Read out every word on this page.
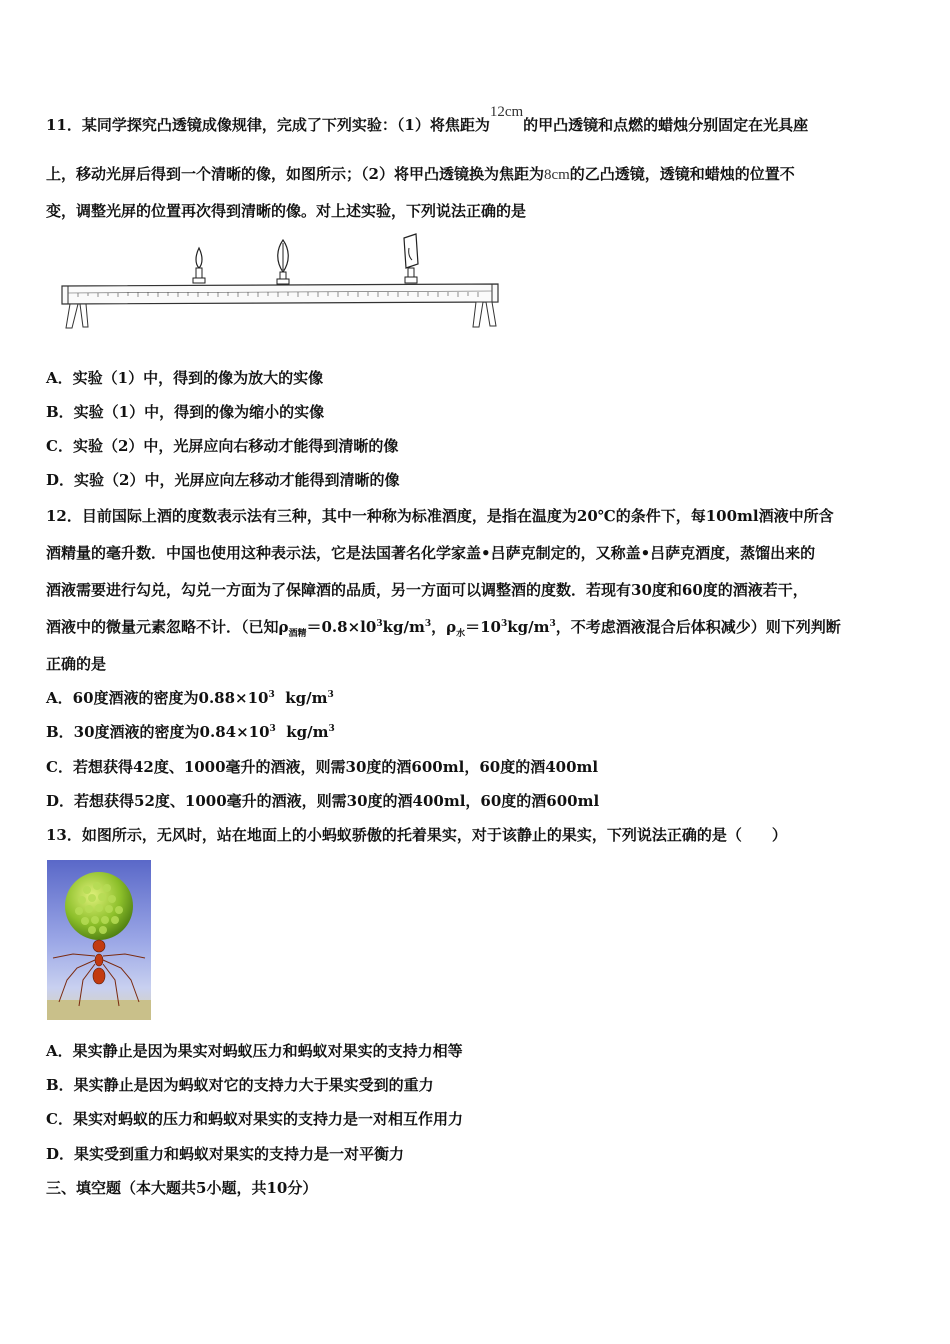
11．某同学探究凸透镜成像规律，完成了下列实验：（1）将焦距为12cm的甲凸透镜和点燃的蜡烛分别固定在光具座
上，移动光屏后得到一个清晰的像，如图所示；（2）将甲凸透镜换为焦距为8cm的乙凸透镜，透镜和蜡烛的位置不
变，调整光屏的位置再次得到清晰的像。对上述实验，下列说法正确的是
A．实验（1）中，得到的像为放大的实像
B．实验（1）中，得到的像为缩小的实像
C．实验（2）中，光屏应向右移动才能得到清晰的像
D．实验（2）中，光屏应向左移动才能得到清晰的像
12．目前国际上酒的度数表示法有三种，其中一种称为标准酒度，是指在温度为20℃的条件下，每100ml酒液中所含
酒精量的毫升数．中国也使用这种表示法，它是法国著名化学家盖•吕萨克制定的，又称盖•吕萨克酒度，蒸馏出来的
酒液需要进行勾兑，勾兑一方面为了保障酒的品质，另一方面可以调整酒的度数．若现有30度和60度的酒液若干，
酒液中的微量元素忽略不计．（已知$\rho_{酒精}=0.8\times l0^3kg/m^3$，$\rho_水=10^3kg/m^3$，不考虑酒液混合后体积减少）则下列判断
正确的是
A．60度酒液的密度为$0.88\times 10^3$  $kg/m^3$
B．30度酒液的密度为$0.84\times 10^3$  $kg/m^3$
C．若想获得42度、1000毫升的酒液，则需30度的酒600ml，60度的酒400ml
D．若想获得52度、1000毫升的酒液，则需30度的酒400ml，60度的酒600ml
13．如图所示，无风时，站在地面上的小蚂蚁骄傲的托着果实，对于该静止的果实，下列说法正确的是（　　）
A．果实静止是因为果实对蚂蚁压力和蚂蚁对果实的支持力相等
B．果实静止是因为蚂蚁对它的支持力大于果实受到的重力
C．果实对蚂蚁的压力和蚂蚁对果实的支持力是一对相互作用力
D．果实受到重力和蚂蚁对果实的支持力是一对平衡力
三、填空题（本大题共5小题，共10分）
